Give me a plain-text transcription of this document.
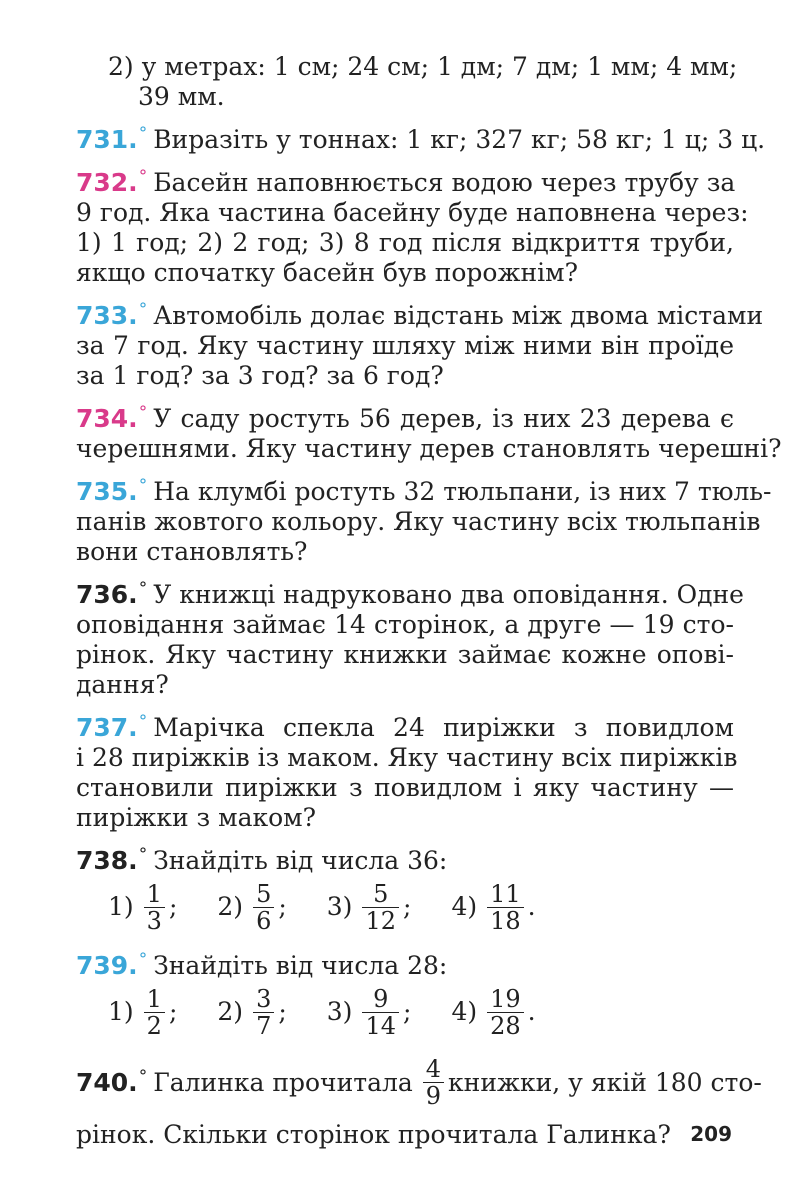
2) у метрах: 1 см; 24 см; 1 дм; 7 дм; 1 мм; 4 мм;
39 мм.
731.° Виразіть у тоннах: 1 кг; 327 кг; 58 кг; 1 ц; 3 ц.
732.° Басейн наповнюється водою через трубу за
9 год. Яка частина басейну буде наповнена через:
1) 1 год; 2) 2 год; 3) 8 год після відкриття труби,
якщо спочатку басейн був порожнім?
733.° Автомобіль долає відстань між двома містами
за 7 год. Яку частину шляху між ними він проїде
за 1 год? за 3 год? за 6 год?
734.° У саду ростуть 56 дерев, із них 23 дерева є
черешнями. Яку частину дерев становлять черешні?
735.° На клумбі ростуть 32 тюльпани, із них 7 тюль-
панів жовтого кольору. Яку частину всіх тюльпанів
вони становлять?
736.° У книжці надруковано два оповідання. Одне
оповідання займає 14 сторінок, а друге — 19 сто-
рінок. Яку частину книжки займає кожне опові-
дання?
737.° Марічка спекла 24 пиріжки з повидлом
і 28 пиріжків із маком. Яку частину всіх пиріжків
становили пиріжки з повидлом і яку частину —
пиріжки з маком?
738.° Знайдіть від числа 36:
$1) \frac{1}{3}$ ; $2) \frac{5}{6}$ ; $3) \frac{5}{12}$ ; $4) \frac{11}{18}$ .
739.° Знайдіть від числа 28:
$1) \frac{1}{2}$ ; $2) \frac{3}{7}$ ; $3) \frac{9}{14}$ ; $4) \frac{19}{28}$ .
740.° Галинка прочитала $\frac{4}{9}$ книжки, у якій 180 сто-
рінок. Скільки сторінок прочитала Галинка? 209
